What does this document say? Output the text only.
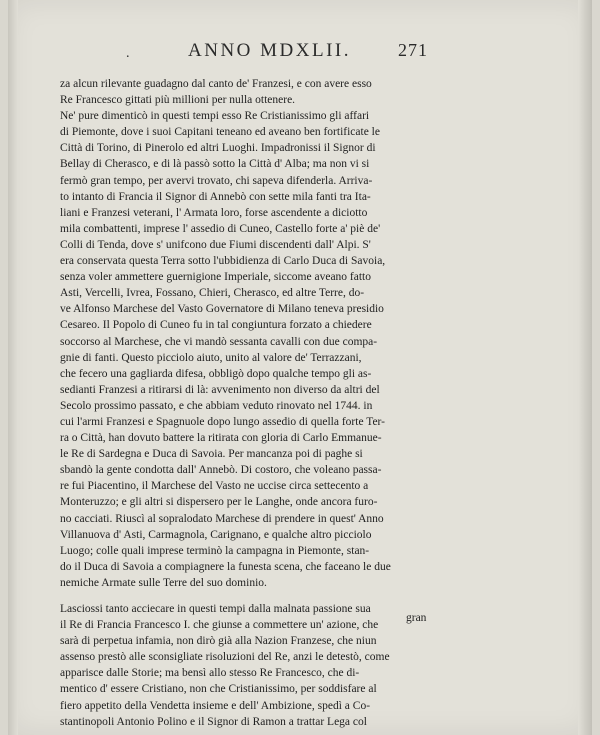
.	ANNO MDXLII.	271
za alcun rilevante guadagno dal canto de' Franzesi, e con avere esso
Re Francesco gittati più millioni per nulla ottenere.
Ne' pure dimenticò in questi tempi esso Re Cristianissimo gli affari
di Piemonte, dove i suoi Capitani teneano ed aveano ben fortificate le
Città di Torino, di Pinerolo ed altri Luoghi. Impadronissi il Signor di
Bellay di Cherasco, e di là passò sotto la Città d' Alba; ma non vi si
fermò gran tempo, per avervi trovato, chi sapeva difenderla. Arriva-
to intanto di Francia il Signor di Annebò con sette mila fanti tra Ita-
liani e Franzesi veterani, l' Armata loro, forse ascendente a diciotto
mila combattenti, imprese l' assedio di Cuneo, Castello forte a' piè de'
Colli di Tenda, dove s' unifcono due Fiumi discendenti dall' Alpi. S'
era conservata questa Terra sotto l'ubbidienza di Carlo Duca di Savoia,
senza voler ammettere guernigione Imperiale, siccome aveano fatto
Asti, Vercelli, Ivrea, Fossano, Chieri, Cherasco, ed altre Terre, do-
ve Alfonso Marchese del Vasto Governatore di Milano teneva presidio
Cesareo. Il Popolo di Cuneo fu in tal congiuntura forzato a chiedere
soccorso al Marchese, che vi mandò sessanta cavalli con due compa-
gnie di fanti. Questo picciolo aiuto, unito al valore de' Terrazzani,
che fecero una gagliarda difesa, obbligò dopo qualche tempo gli as-
sedianti Franzesi a ritirarsi di là: avvenimento non diverso da altri del
Secolo prossimo passato, e che abbiam veduto rinovato nel 1744. in
cui l'armi Franzesi e Spagnuole dopo lungo assedio di quella forte Ter-
ra o Città, han dovuto battere la ritirata con gloria di Carlo Emmanue-
le Re di Sardegna e Duca di Savoia. Per mancanza poi di paghe si
sbandò la gente condotta dall' Annebò. Di costoro, che voleano passa-
re fui Piacentino, il Marchese del Vasto ne uccise circa settecento a
Monteruzzo; e gli altri si dispersero per le Langhe, onde ancora furo-
no cacciati. Riuscì al sopralodato Marchese di prendere in quest' Anno
Villanuova d' Asti, Carmagnola, Carignano, e qualche altro picciolo
Luogo; colle quali imprese terminò la campagna in Piemonte, stan-
do il Duca di Savoia a compiagnere la funesta scena, che faceano le due
nemiche Armate sulle Terre del suo dominio.
Lasciossi tanto acciecare in questi tempi dalla malnata passione sua
il Re di Francia Francesco I. che giunse a commettere un' azione, che
sarà di perpetua infamia, non dirò già alla Nazion Franzese, che niun
assenso prestò alle sconsigliate risoluzioni del Re, anzi le detestò, come
apparisce dalle Storie; ma bensì allo stesso Re Francesco, che di-
mentico d' essere Cristiano, non che Cristianissimo, per soddisfare al
fiero appetito della Vendetta insieme e dell' Ambizione, spedì a Co-
stantinopoli Antonio Polino e il Signor di Ramon a trattar Lega col
gran
